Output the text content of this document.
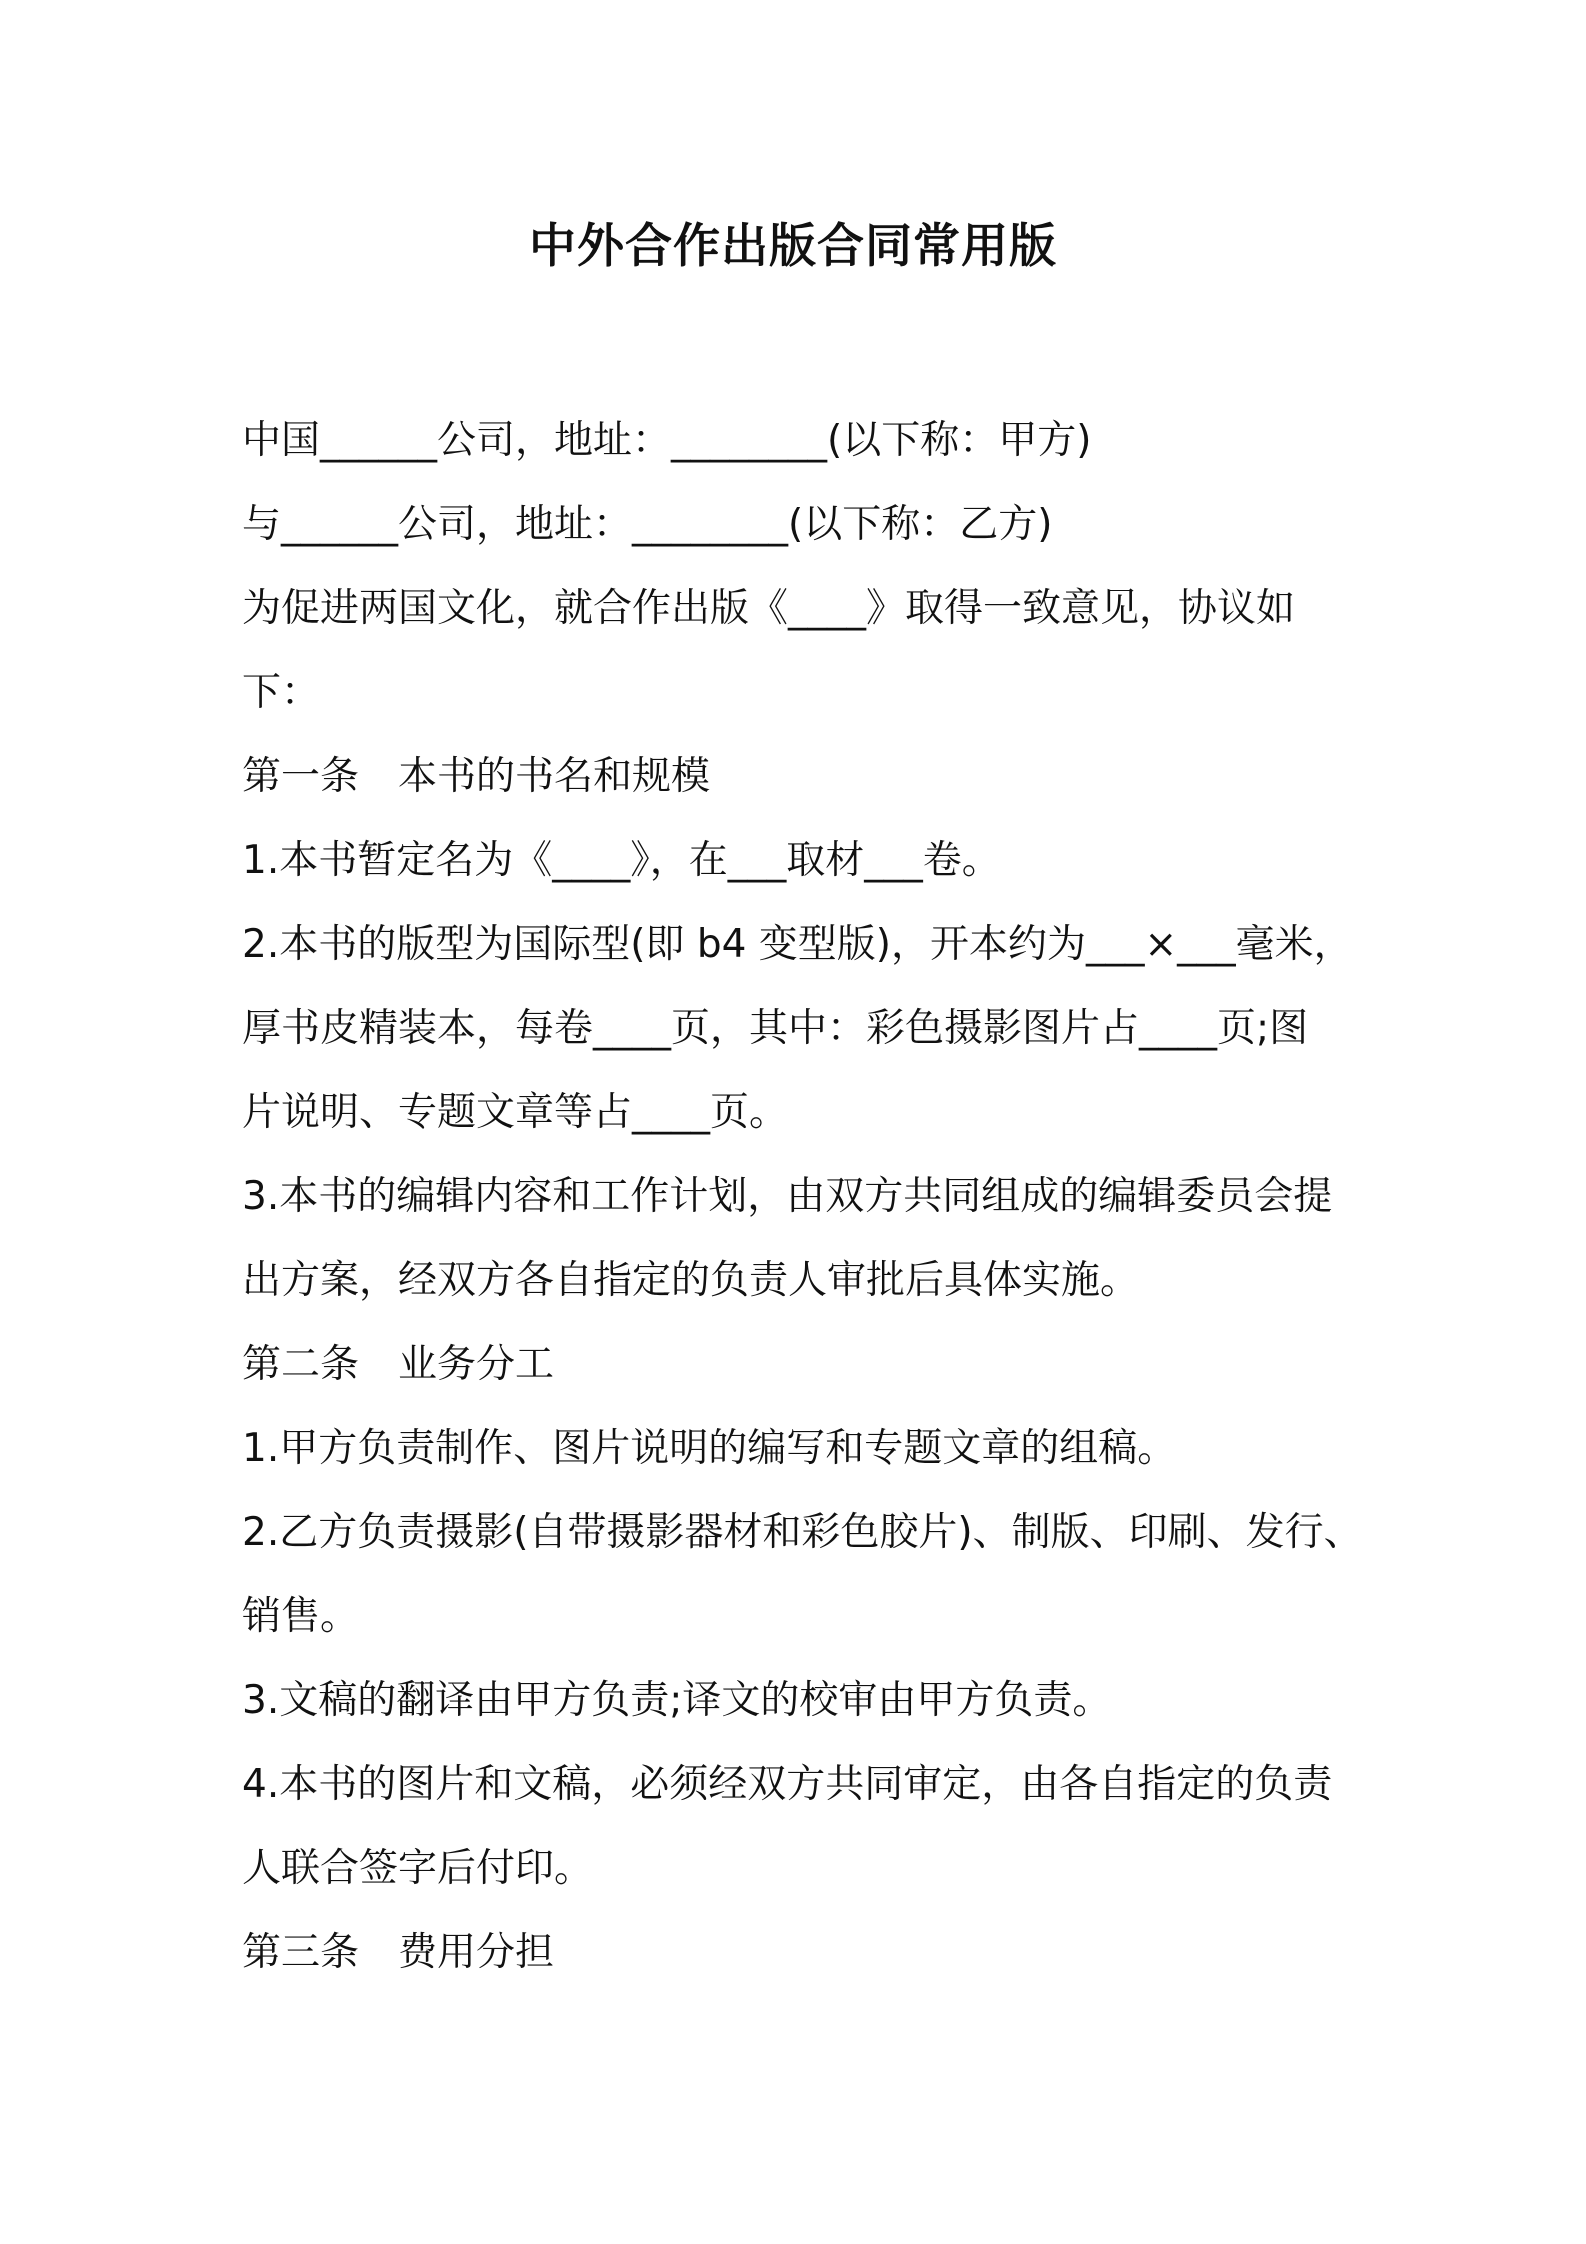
中外合作出版合同常用版
中国______公司，地址：________(以下称：甲方)
与______公司，地址：________(以下称：乙方)
为促进两国文化，就合作出版《____》取得一致意见，协议如
下：
第一条　本书的书名和规模
1.本书暂定名为《____》，在___取材___卷。
2.本书的版型为国际型(即 b4 变型版)，开本约为___×___毫米，
厚书皮精装本，每卷____页，其中：彩色摄影图片占____页;图
片说明、专题文章等占____页。
3.本书的编辑内容和工作计划，由双方共同组成的编辑委员会提
出方案，经双方各自指定的负责人审批后具体实施。
第二条　业务分工
1.甲方负责制作、图片说明的编写和专题文章的组稿。
2.乙方负责摄影(自带摄影器材和彩色胶片)、制版、印刷、发行、
销售。
3.文稿的翻译由甲方负责;译文的校审由甲方负责。
4.本书的图片和文稿，必须经双方共同审定，由各自指定的负责
人联合签字后付印。
第三条　费用分担
